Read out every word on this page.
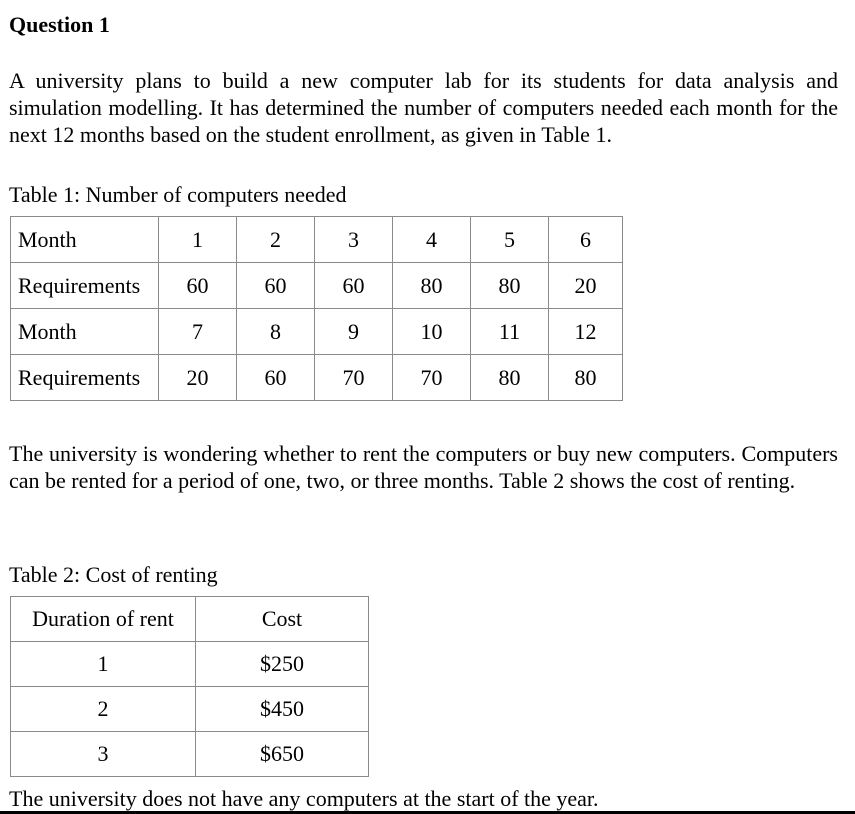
Question 1

A university plans to build a new computer lab for its students for data analysis and simulation modelling. It has determined the number of computers needed each month for the next 12 months based on the student enrollment, as given in Table 1.

Table 1: Number of computers needed

Month	1	2	3	4	5	6
Requirements	60	60	60	80	80	20
Month	7	8	9	10	11	12
Requirements	20	60	70	70	80	80

The university is wondering whether to rent the computers or buy new computers. Computers can be rented for a period of one, two, or three months. Table 2 shows the cost of renting.

Table 2: Cost of renting

Duration of rent	Cost
1	$250
2	$450
3	$650

The university does not have any computers at the start of the year.
